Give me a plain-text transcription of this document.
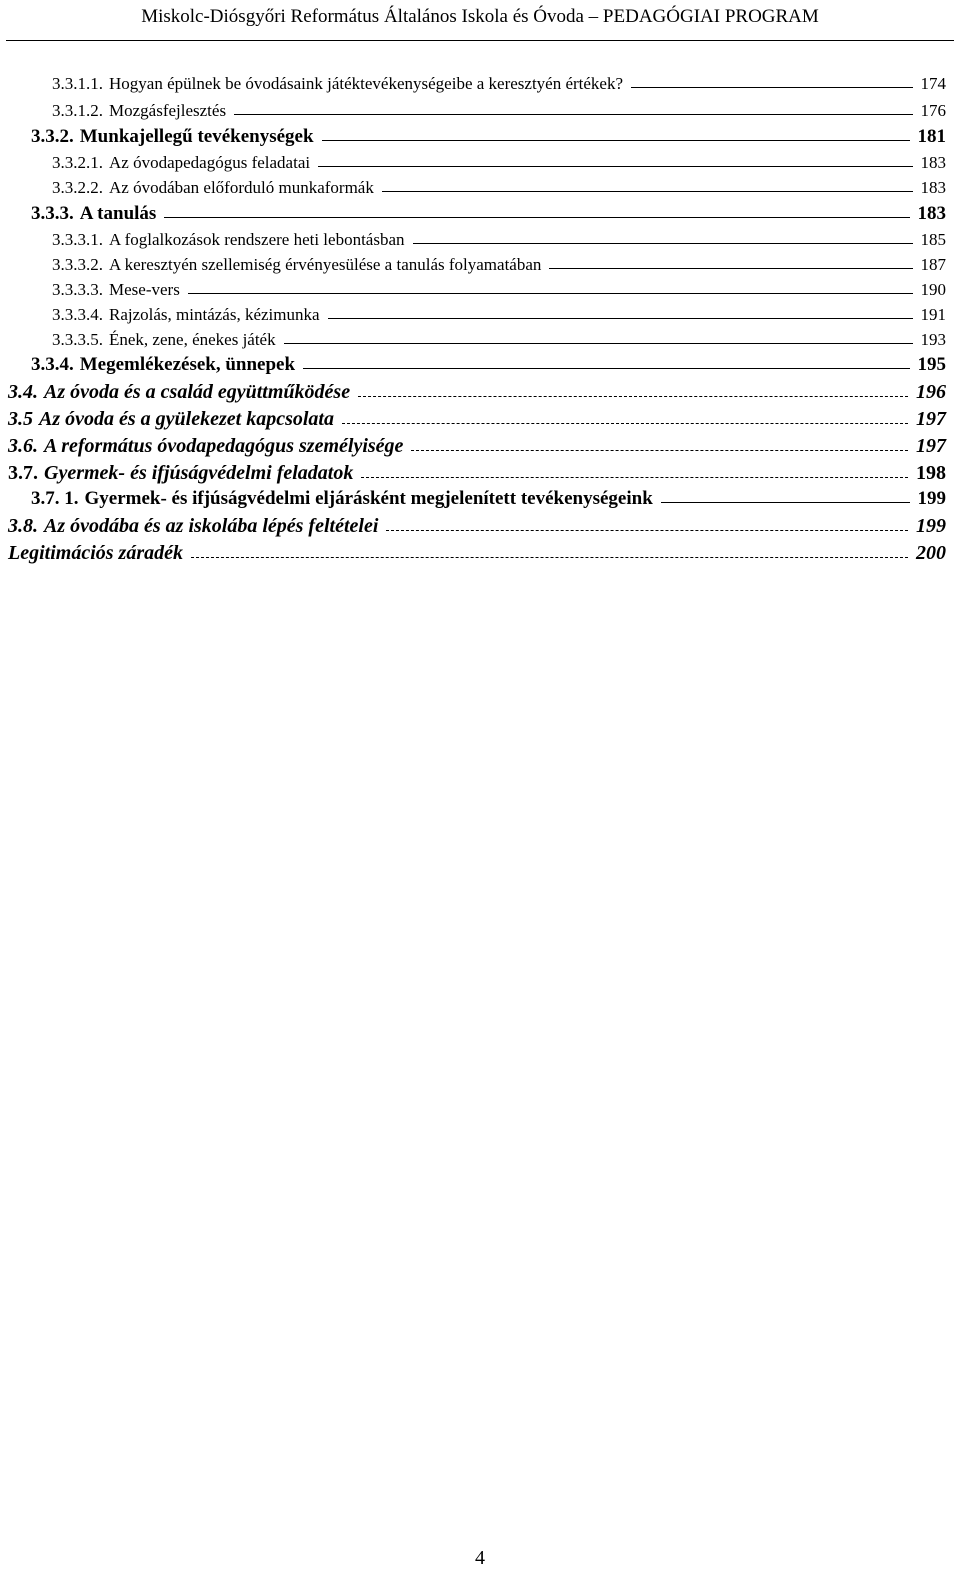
Miskolc-Diósgyőri Református Általános Iskola és Óvoda – PEDAGÓGIAI PROGRAM
3.3.1.1. Hogyan épülnek be óvodásaink játéktevékenységeibe a keresztyén értékek?	174
3.3.1.2. Mozgásfejlesztés	176
3.3.2. Munkajellegű tevékenységek	181
3.3.2.1. Az óvodapedagógus feladatai	183
3.3.2.2. Az óvodában előforduló munkaformák	183
3.3.3. A tanulás	183
3.3.3.1. A foglalkozások rendszere heti lebontásban	185
3.3.3.2. A keresztyén szellemiség érvényesülése a tanulás folyamatában	187
3.3.3.3. Mese-vers	190
3.3.3.4. Rajzolás, mintázás, kézimunka	191
3.3.3.5. Ének, zene, énekes játék	193
3.3.4. Megemlékezések, ünnepek	195
3.4. Az óvoda és a család együttműködése	196
3.5 Az óvoda és a gyülekezet kapcsolata	197
3.6. A református óvodapedagógus személyisége	197
3.7. Gyermek- és ifjúságvédelmi feladatok	198
3.7. 1. Gyermek- és ifjúságvédelmi eljárásként megjelenített tevékenységeink	199
3.8. Az óvodába és az iskolába lépés feltételei	199
Legitimációs záradék	200
4
